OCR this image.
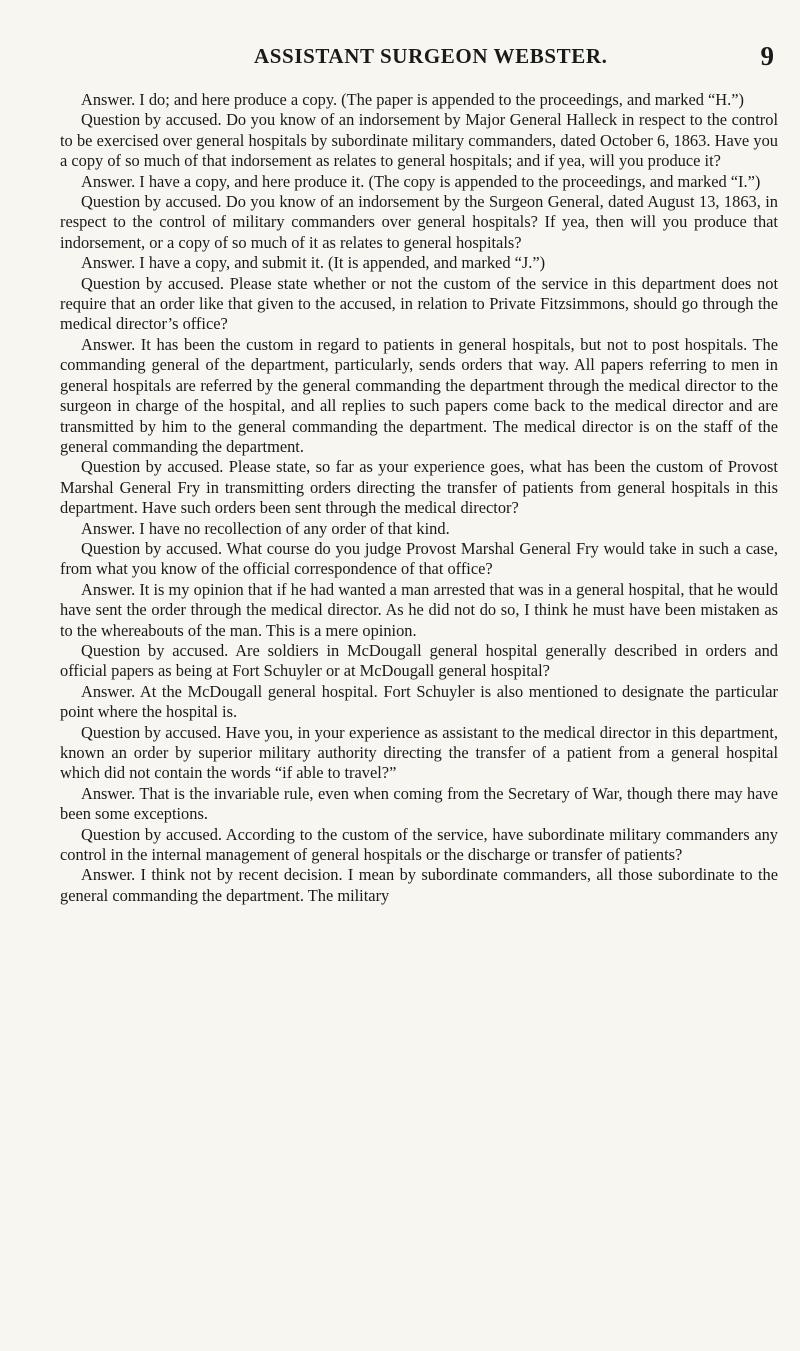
ASSISTANT SURGEON WEBSTER.	9

Answer. I do; and here produce a copy. (The paper is appended to the proceedings, and marked “H.”)

Question by accused. Do you know of an indorsement by Major General Halleck in respect to the control to be exercised over general hospitals by subordinate military commanders, dated October 6, 1863. Have you a copy of so much of that indorsement as relates to general hospitals; and if yea, will you produce it?

Answer. I have a copy, and here produce it. (The copy is appended to the proceedings, and marked “I.”)

Question by accused. Do you know of an indorsement by the Surgeon General, dated August 13, 1863, in respect to the control of military commanders over general hospitals? If yea, then will you produce that indorsement, or a copy of so much of it as relates to general hospitals?

Answer. I have a copy, and submit it. (It is appended, and marked “J.”)

Question by accused. Please state whether or not the custom of the service in this department does not require that an order like that given to the accused, in relation to Private Fitzsimmons, should go through the medical director’s office?

Answer. It has been the custom in regard to patients in general hospitals, but not to post hospitals. The commanding general of the department, particularly, sends orders that way. All papers referring to men in general hospitals are referred by the general commanding the department through the medical director to the surgeon in charge of the hospital, and all replies to such papers come back to the medical director and are transmitted by him to the general commanding the department. The medical director is on the staff of the general commanding the department.

Question by accused. Please state, so far as your experience goes, what has been the custom of Provost Marshal General Fry in transmitting orders directing the transfer of patients from general hospitals in this department. Have such orders been sent through the medical director?

Answer. I have no recollection of any order of that kind.

Question by accused. What course do you judge Provost Marshal General Fry would take in such a case, from what you know of the official correspondence of that office?

Answer. It is my opinion that if he had wanted a man arrested that was in a general hospital, that he would have sent the order through the medical director. As he did not do so, I think he must have been mistaken as to the whereabouts of the man. This is a mere opinion.

Question by accused. Are soldiers in McDougall general hospital generally described in orders and official papers as being at Fort Schuyler or at McDougall general hospital?

Answer. At the McDougall general hospital. Fort Schuyler is also mentioned to designate the particular point where the hospital is.

Question by accused. Have you, in your experience as assistant to the medical director in this department, known an order by superior military authority directing the transfer of a patient from a general hospital which did not contain the words “if able to travel?”

Answer. That is the invariable rule, even when coming from the Secretary of War, though there may have been some exceptions.

Question by accused. According to the custom of the service, have subordinate military commanders any control in the internal management of general hospitals or the discharge or transfer of patients?

Answer. I think not by recent decision. I mean by subordinate commanders, all those subordinate to the general commanding the department. The military
